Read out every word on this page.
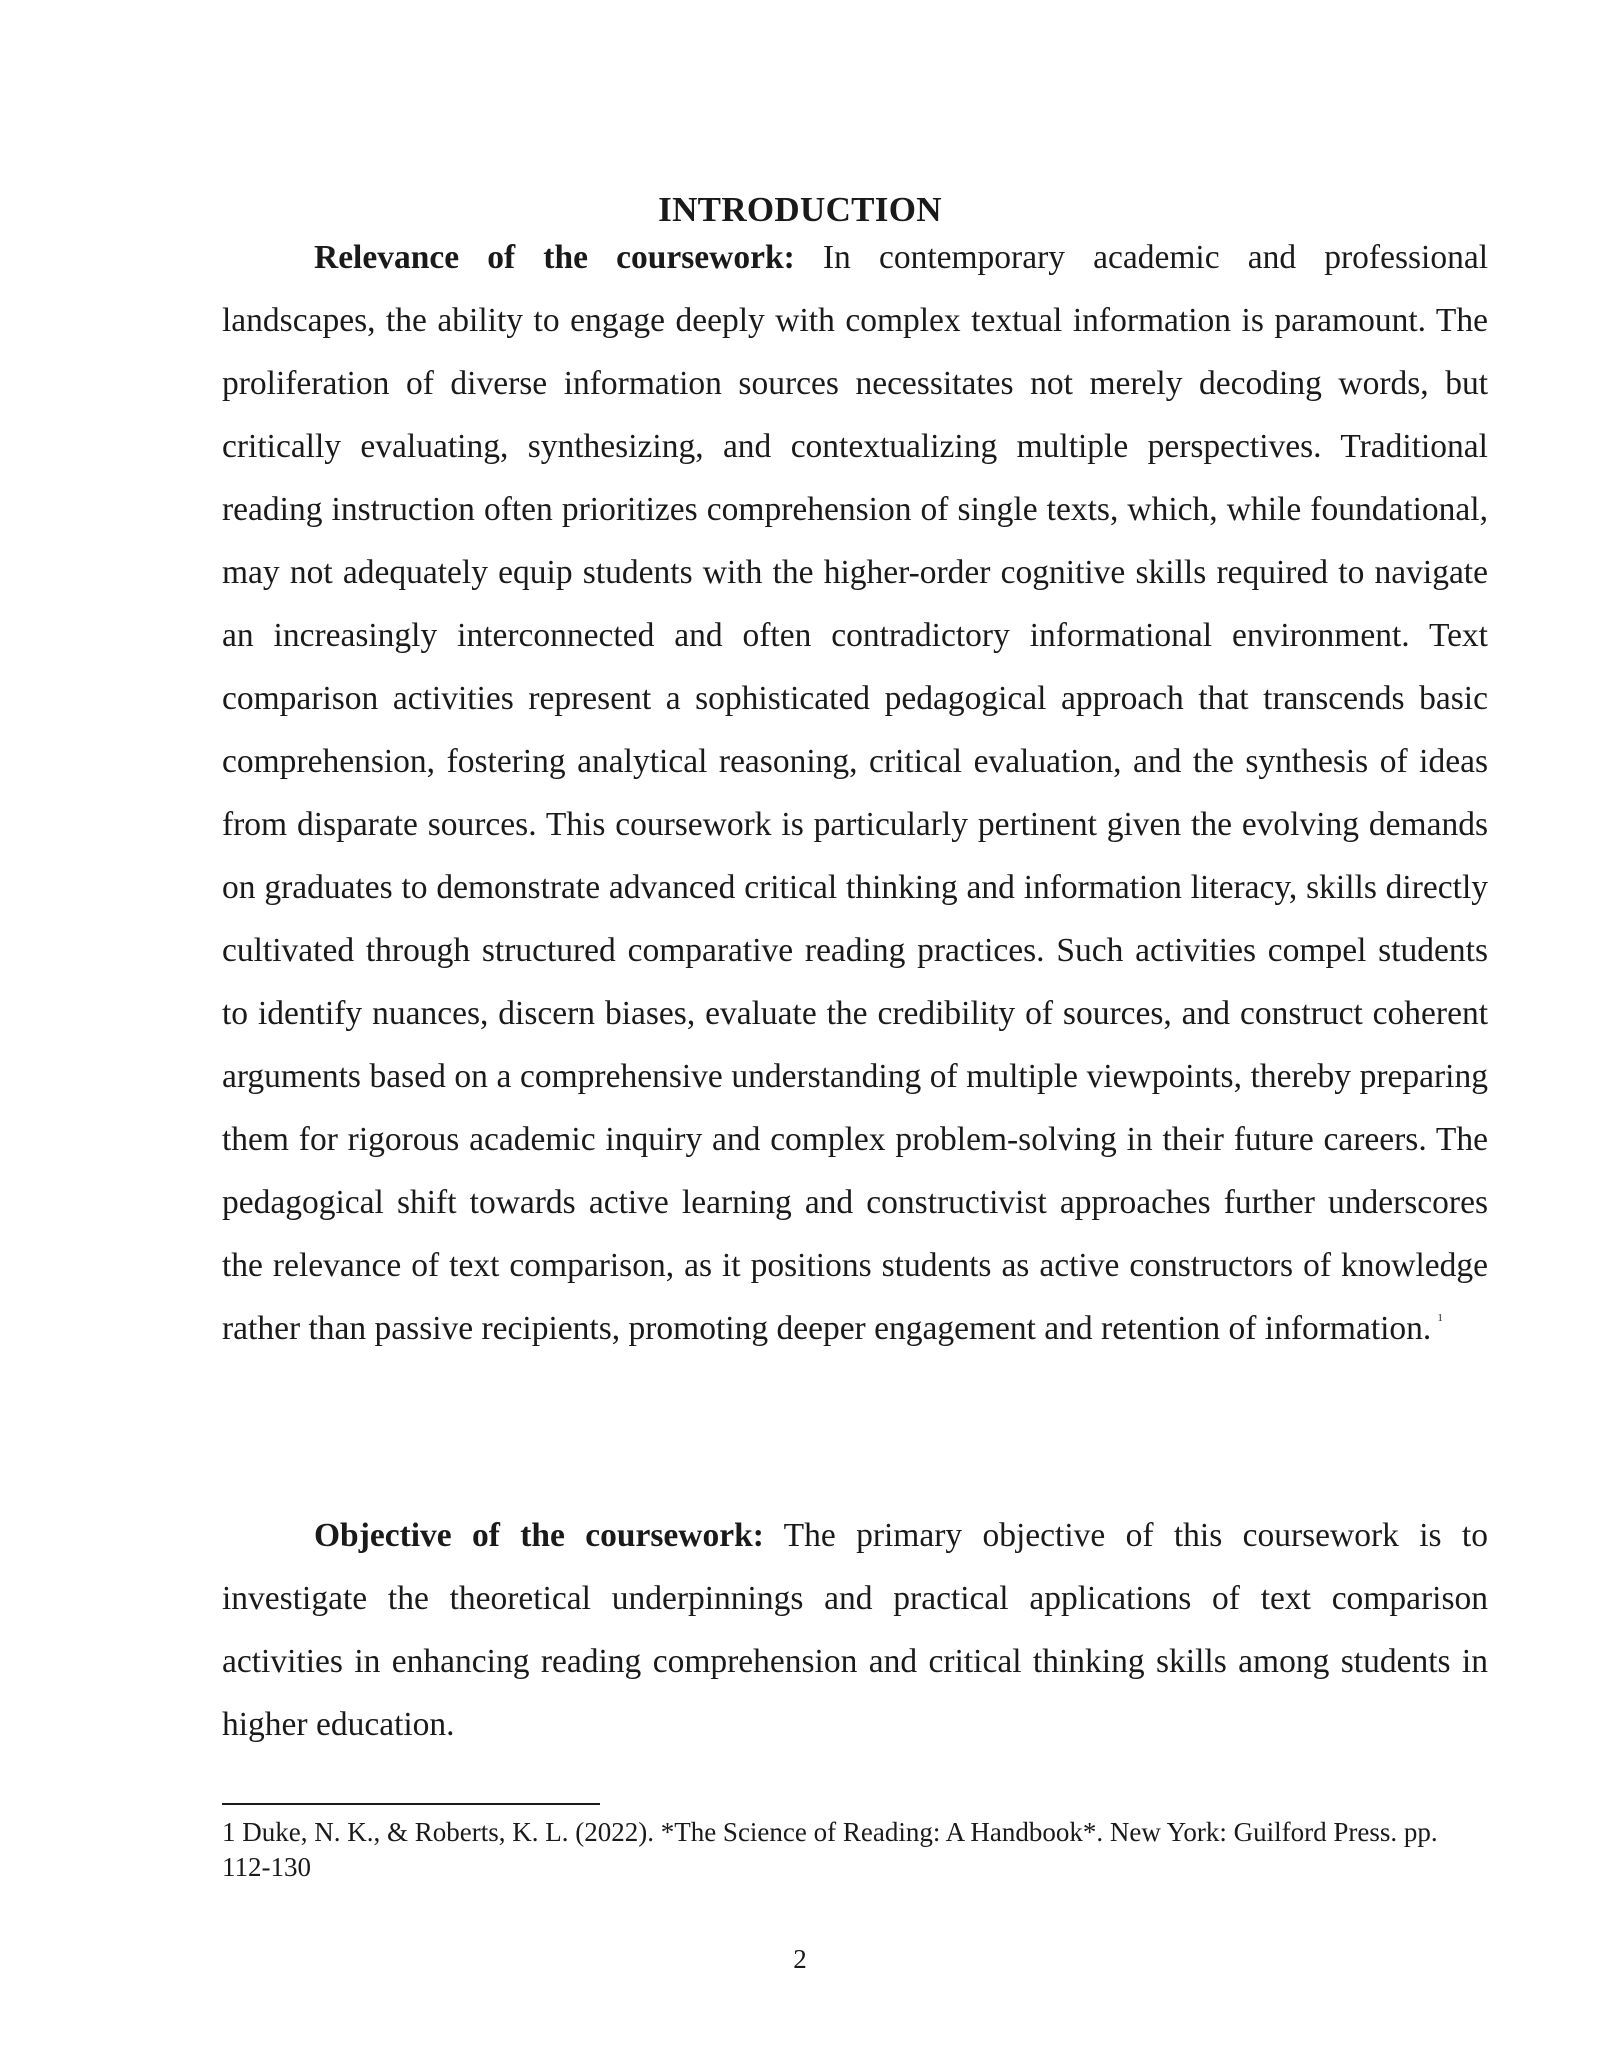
INTRODUCTION

Relevance of the coursework: In contemporary academic and professional landscapes, the ability to engage deeply with complex textual information is paramount. The proliferation of diverse information sources necessitates not merely decoding words, but critically evaluating, synthesizing, and contextualizing multiple perspectives. Traditional reading instruction often prioritizes comprehension of single texts, which, while foundational, may not adequately equip students with the higher-order cognitive skills required to navigate an increasingly interconnected and often contradictory informational environment. Text comparison activities represent a sophisticated pedagogical approach that transcends basic comprehension, fostering analytical reasoning, critical evaluation, and the synthesis of ideas from disparate sources. This coursework is particularly pertinent given the evolving demands on graduates to demonstrate advanced critical thinking and information literacy, skills directly cultivated through structured comparative reading practices. Such activities compel students to identify nuances, discern biases, evaluate the credibility of sources, and construct coherent arguments based on a comprehensive understanding of multiple viewpoints, thereby preparing them for rigorous academic inquiry and complex problem-solving in their future careers. The pedagogical shift towards active learning and constructivist approaches further underscores the relevance of text comparison, as it positions students as active constructors of knowledge rather than passive recipients, promoting deeper engagement and retention of information. $^1$

Objective of the coursework: The primary objective of this coursework is to investigate the theoretical underpinnings and practical applications of text comparison activities in enhancing reading comprehension and critical thinking skills among students in higher education.

1 Duke, N. K., & Roberts, K. L. (2022). *The Science of Reading: A Handbook*. New York: Guilford Press. pp. 112-130

2
